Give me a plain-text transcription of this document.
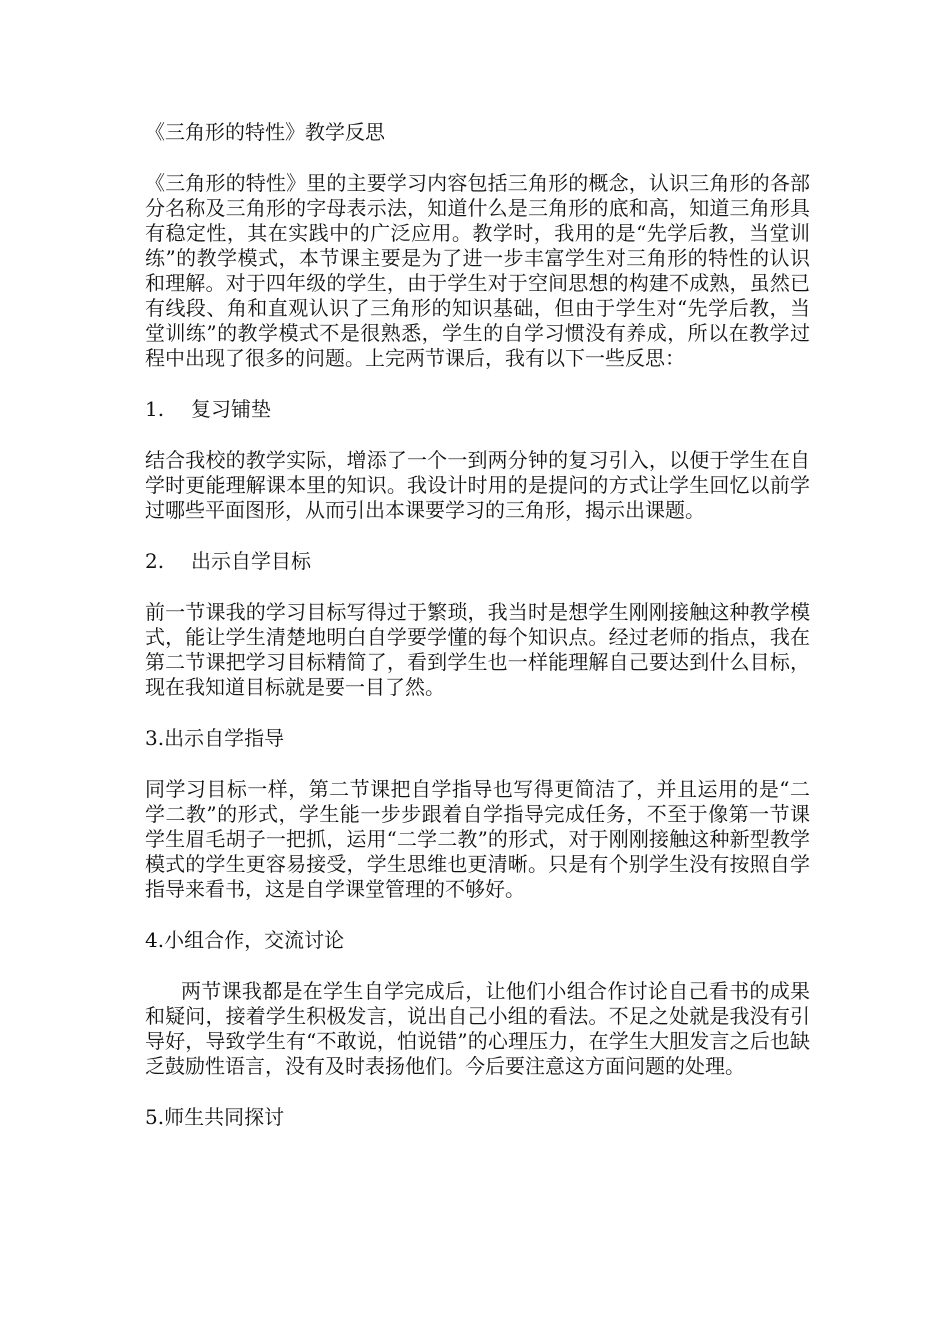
《三角形的特性》教学反思

《三角形的特性》里的主要学习内容包括三角形的概念，认识三角形的各部分名称及三角形的字母表示法，知道什么是三角形的底和高，知道三角形具有稳定性，其在实践中的广泛应用。教学时，我用的是“先学后教，当堂训练”的教学模式，本节课主要是为了进一步丰富学生对三角形的特性的认识和理解。对于四年级的学生，由于学生对于空间思想的构建不成熟，虽然已有线段、角和直观认识了三角形的知识基础，但由于学生对“先学后教，当堂训练”的教学模式不是很熟悉，学生的自学习惯没有养成，所以在教学过程中出现了很多的问题。上完两节课后，我有以下一些反思：

1. 复习铺垫

结合我校的教学实际，增添了一个一到两分钟的复习引入，以便于学生在自学时更能理解课本里的知识。我设计时用的是提问的方式让学生回忆以前学过哪些平面图形，从而引出本课要学习的三角形，揭示出课题。

2. 出示自学目标

前一节课我的学习目标写得过于繁琐，我当时是想学生刚刚接触这种教学模式，能让学生清楚地明白自学要学懂的每个知识点。经过老师的指点，我在第二节课把学习目标精简了，看到学生也一样能理解自己要达到什么目标，现在我知道目标就是要一目了然。

3.出示自学指导

同学习目标一样，第二节课把自学指导也写得更简洁了，并且运用的是“二学二教”的形式，学生能一步步跟着自学指导完成任务，不至于像第一节课学生眉毛胡子一把抓，运用“二学二教”的形式，对于刚刚接触这种新型教学模式的学生更容易接受，学生思维也更清晰。只是有个别学生没有按照自学指导来看书，这是自学课堂管理的不够好。

4.小组合作，交流讨论

两节课我都是在学生自学完成后，让他们小组合作讨论自己看书的成果和疑问，接着学生积极发言，说出自己小组的看法。不足之处就是我没有引导好，导致学生有“不敢说，怕说错”的心理压力，在学生大胆发言之后也缺乏鼓励性语言，没有及时表扬他们。今后要注意这方面问题的处理。

5.师生共同探讨
